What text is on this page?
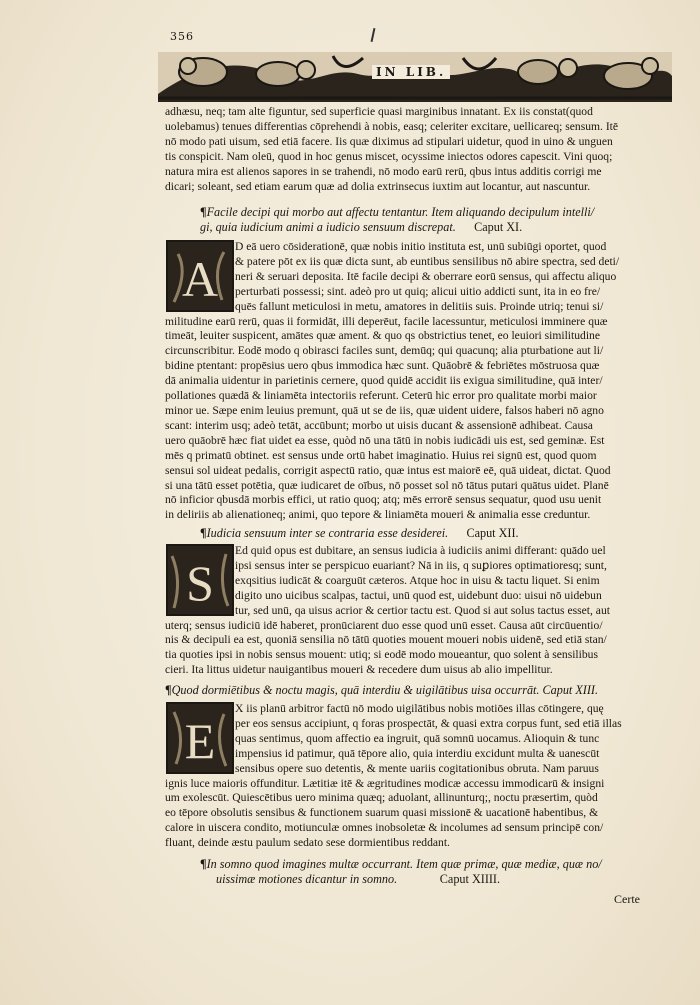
356
IN LIB.
adhæsu, neq; tam alte figuntur, sed superficie quasi marginibus innatant. Ex iis constat(quod
uolebamus) tenues differentias cōprehendi à nobis, easq; celeriter excitare, uellicareq; sensum. Itē
nō modo pati uisum, sed etiā facere. Iis quæ diximus ad stipulari uidetur, quod in uino & unguen
tis conspicit. Nam oleū, quod in hoc genus miscet, ocyssime iniectos odores capescit. Vini quoq;
natura mira est alienos sapores in se trahendi, nō modo earū rerū, qbus intus additis corrigi me
dicari; soleant, sed etiam earum quæ ad dolia extrinsecus iuxtim aut locantur, aut nascuntur.
¶Facile decipi qui morbo aut affectu tentantur. Item aliquando decipulum intelli/
gi, quia iudicium animi a iudicio sensuum discrepat. Caput XI.
A
D eā uero cōsiderationē, quæ nobis initio instituta est, unū subiūgi oportet, quod
& patere pōt ex iis quæ dicta sunt, ab euntibus sensilibus nō abire spectra, sed deti/
neri & seruari deposita. Itē facile decipi & oberrare eorū sensus, qui affectu aliquo
perturbati possessi; sint. adeò pro ut quiq; alicui uitio addicti sunt, ita in eo fre/
quēs fallunt meticulosi in metu, amatores in delitiis suis. Proinde utriq; tenui si/
militudine earū rerū, quas ii formidāt, illi deperēut, facile lacessuntur, meticulosi imminere quæ
timeāt, leuiter suspicent, amātes quæ ament. & quo qs obstrictius tenet, eo leuiori similitudine
circunscribitur. Eodē modo q obirasci faciles sunt, demūq; qui quacunq; alia pturbatione aut li/
bidine ptentant: propēsius uero qbus immodica hæc sunt. Quāobrē & febriētes mōstruosa quæ
dā animalia uidentur in parietinis cernere, quod quidē accidit iis exigua similitudine, quā inter/
pollationes quædā & liniamēta intectoriis referunt. Ceterū hic error pro qualitate morbi maior
minor ue. Sæpe enim leuius premunt, quā ut se de iis, quæ uident uidere, falsos haberi nō agno
scant: interim usq; adeò tetāt, accūbunt; morbo ut uisis ducant & assensionē adhibeat. Causa
uero quāobrē hæc fiat uidet ea esse, quòd nō una tātū in nobis iudicādi uis est, sed geminæ. Est
mēs q primatū obtinet. est sensus unde ortū habet imaginatio. Huius rei signū est, quod quom
sensui sol uideat pedalis, corrigit aspectū ratio, quæ intus est maiorē eē, quā uideat, dictat. Quod
si una tātū esset potētia, quæ iudicaret de oībus, nō posset sol nō tātus putari quātus uidet. Planē
nō inficior qbusdā morbis effici, ut ratio quoq; atq; mēs errorē sensus sequatur, quod usu uenit
in deliriis ab alienationeq; animi, quo tepore & liniamēta moueri & animalia esse creduntur.
¶Iudicia sensuum inter se contraria esse desiderei. Caput XII.
S
Ed quid opus est dubitare, an sensus iudicia à iudiciis animi differant: quādo uel
ipsi sensus inter se perspicuo euariant? Nā in iis, q suꝑiores optimatioresq; sunt,
exqsitius iudicāt & coarguūt cæteros. Atque hoc in uisu & tactu liquet. Si enim
digito uno uicibus scalpas, tactui, unū quod est, uidebunt duo: uisui nō uidebun
tur, sed unū, qa uisus acrior & certior tactu est. Quod si aut solus tactus esset, aut
uterq; sensus iudiciū idē haberet, pronūciarent duo esse quod unū esset. Causa aūt circūuentio/
nis & decipuli ea est, quoniā sensilia nō tātū quoties mouent moueri nobis uidenē, sed etiā stan/
tia quoties ipsi in nobis sensus mouent: utiq; si eodē modo moueantur, quo solent à sensilibus
cieri. Ita littus uidetur nauigantibus moueri & recedere dum uisus ab alio impellitur.
¶Quod dormiētibus & noctu magis, quā interdiu & uigilātibus uisa occurrāt. Caput XIII.
E
X iis planū arbitror factū nō modo uigilātibus nobis motiōes illas cōtingere, quę
per eos sensus accipiunt, q foras prospectāt, & quasi extra corpus funt, sed etiā illas
quas sentimus, quom affectio ea ingruit, quā somnū uocamus. Alioquin & tunc
impensius id patimur, quā tēpore alio, quia interdiu excidunt multa & uanescūt
sensibus opere suo detentis, & mente uariis cogitationibus obruta. Nam paruus
ignis luce maioris offunditur. Lætitiæ itē & ægritudines modicæ accessu immodicarū & insigni
um exolescūt. Quiescētibus uero minima quæq; aduolant, allinunturq;, noctu præsertim, quòd
eo tēpore obsolutis sensibus & functionem suarum quasi missionē & uacationē habentibus, &
calore in uiscera condito, motiunculæ omnes inobsoletæ & incolumes ad sensum principē con/
fluant, deinde æstu paulum sedato sese dormientibus reddant.
¶In somno quod imagines multæ occurrant. Item quæ primæ, quæ mediæ, quæ no/
uissimæ motiones dicantur in somno.	Caput XIIII.
Certe
